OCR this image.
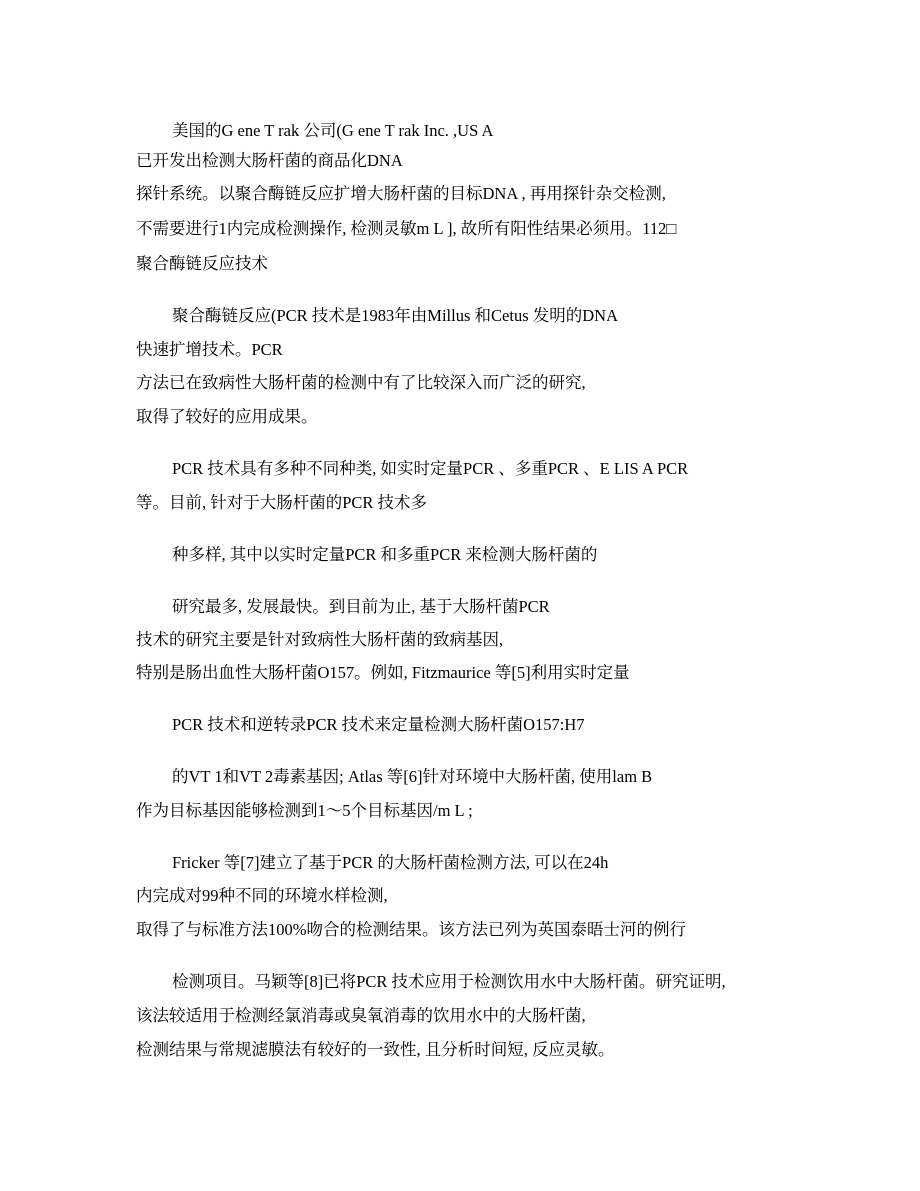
美国的G ene T rak 公司(G ene T rak Inc. ,US A
已开发出检测大肠杆菌的商品化DNA
探针系统。以聚合酶链反应扩增大肠杆菌的目标DNA , 再用探针杂交检测,
不需要进行1内完成检测操作, 检测灵敏m L ], 故所有阳性结果必须用。112□
聚合酶链反应技术
聚合酶链反应(PCR 技术是1983年由Millus 和Cetus 发明的DNA
快速扩增技术。PCR
方法已在致病性大肠杆菌的检测中有了比较深入而广泛的研究,
取得了较好的应用成果。
PCR 技术具有多种不同种类, 如实时定量PCR 、多重PCR 、E LIS A PCR
等。目前, 针对于大肠杆菌的PCR 技术多
种多样, 其中以实时定量PCR 和多重PCR 来检测大肠杆菌的
研究最多, 发展最快。到目前为止, 基于大肠杆菌PCR
技术的研究主要是针对致病性大肠杆菌的致病基因,
特别是肠出血性大肠杆菌O157。例如, Fitzmaurice 等[5]利用实时定量
PCR 技术和逆转录PCR 技术来定量检测大肠杆菌O157:H7
的VT 1和VT 2毒素基因; Atlas 等[6]针对环境中大肠杆菌, 使用lam B
作为目标基因能够检测到1～5个目标基因/m L ;
Fricker 等[7]建立了基于PCR 的大肠杆菌检测方法, 可以在24h
内完成对99种不同的环境水样检测,
取得了与标准方法100%吻合的检测结果。该方法已列为英国泰晤士河的例行
检测项目。马颖等[8]已将PCR 技术应用于检测饮用水中大肠杆菌。研究证明,
该法较适用于检测经氯消毒或臭氧消毒的饮用水中的大肠杆菌,
检测结果与常规滤膜法有较好的一致性, 且分析时间短, 反应灵敏。
